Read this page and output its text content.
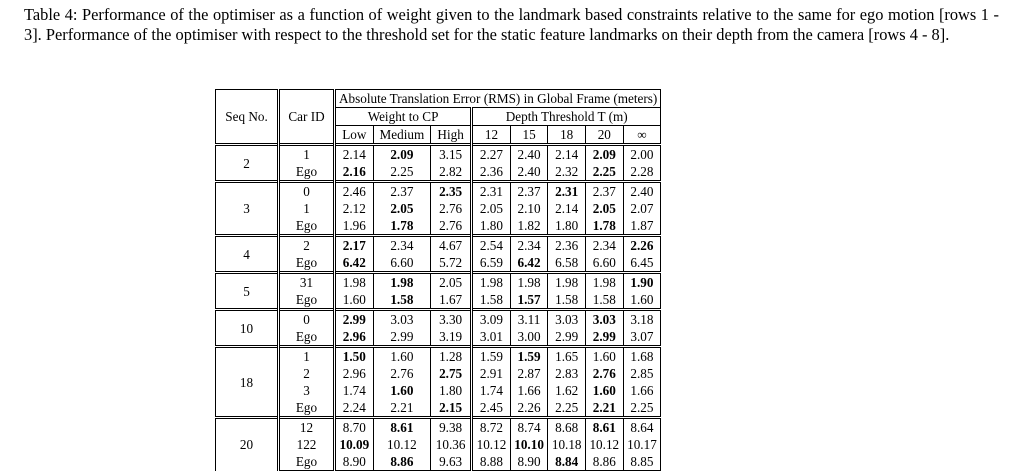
Table 4: Performance of the optimiser as a function of weight given to the landmark based constraints relative to the same for ego motion [rows 1 - 3]. Performance of the optimiser with respect to the threshold set for the static feature landmarks on their depth from the camera [rows 4 - 8].

Seq No.	Car ID	Absolute Translation Error (RMS) in Global Frame (meters)							
		Weight to CP			Depth Threshold T (m)				
		Low	Medium	High	12	15	18	20	∞
2	1	2.14	2.09	3.15	2.27	2.40	2.14	2.09	2.00
	Ego	2.16	2.25	2.82	2.36	2.40	2.32	2.25	2.28
3	0	2.46	2.37	2.35	2.31	2.37	2.31	2.37	2.40
	1	2.12	2.05	2.76	2.05	2.10	2.14	2.05	2.07
	Ego	1.96	1.78	2.76	1.80	1.82	1.80	1.78	1.87
4	2	2.17	2.34	4.67	2.54	2.34	2.36	2.34	2.26
	Ego	6.42	6.60	5.72	6.59	6.42	6.58	6.60	6.45
5	31	1.98	1.98	2.05	1.98	1.98	1.98	1.98	1.90
	Ego	1.60	1.58	1.67	1.58	1.57	1.58	1.58	1.60
10	0	2.99	3.03	3.30	3.09	3.11	3.03	3.03	3.18
	Ego	2.96	2.99	3.19	3.01	3.00	2.99	2.99	3.07
18	1	1.50	1.60	1.28	1.59	1.59	1.65	1.60	1.68
	2	2.96	2.76	2.75	2.91	2.87	2.83	2.76	2.85
	3	1.74	1.60	1.80	1.74	1.66	1.62	1.60	1.66
	Ego	2.24	2.21	2.15	2.45	2.26	2.25	2.21	2.25
20	12	8.70	8.61	9.38	8.72	8.74	8.68	8.61	8.64
	122	10.09	10.12	10.36	10.12	10.10	10.18	10.12	10.17
	Ego	8.90	8.86	9.63	8.88	8.90	8.84	8.86	8.85
